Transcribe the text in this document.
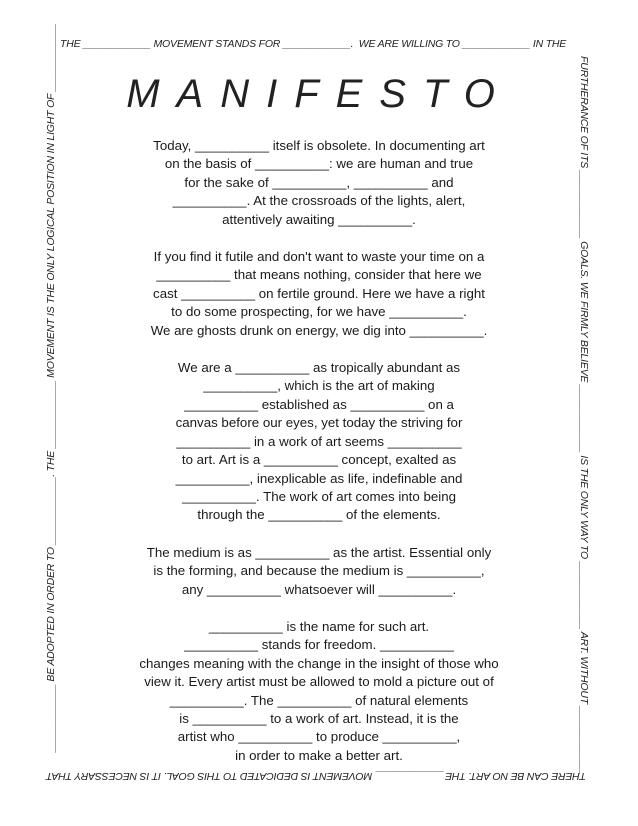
THE ____________ MOVEMENT STANDS FOR ____________.  WE ARE WILLING TO ____________ IN THE
FURTHERANCE OF ITS ____________ GOALS. WE FIRMLY BELIEVE ____________ IS THE ONLY WAY TO ____________ ART. WITHOUT ____________
THERE CAN BE NO ART. THE ____________ MOVEMENT IS DEDICATED TO THIS GOAL. IT IS NECESSARY THAT
____________ BE ADOPTED IN ORDER TO ____________. THE ____________ MOVEMENT IS THE ONLY LOGICAL POSITION IN LIGHT OF ____________	MANIFESTO

Today, __________ itself is obsolete. In documenting art
on the basis of __________: we are human and true
for the sake of __________, __________ and
__________. At the crossroads of the lights, alert,
attentively awaiting __________.

If you find it futile and don't want to waste your time on a
__________ that means nothing, consider that here we
cast __________ on fertile ground. Here we have a right
to do some prospecting, for we have __________.
We are ghosts drunk on energy, we dig into __________.

We are a __________ as tropically abundant as
__________, which is the art of making
__________ established as __________ on a
canvas before our eyes, yet today the striving for
__________ in a work of art seems __________
to art. Art is a __________ concept, exalted as
__________, inexplicable as life, indefinable and
__________. The work of art comes into being
through the __________ of the elements.

The medium is as __________ as the artist. Essential only
is the forming, and because the medium is __________,
any __________ whatsoever will __________.

__________ is the name for such art.
__________ stands for freedom. __________
changes meaning with the change in the insight of those who
view it. Every artist must be allowed to mold a picture out of
__________. The __________ of natural elements
is __________ to a work of art. Instead, it is the
artist who __________ to produce __________,
in order to make a better art.
